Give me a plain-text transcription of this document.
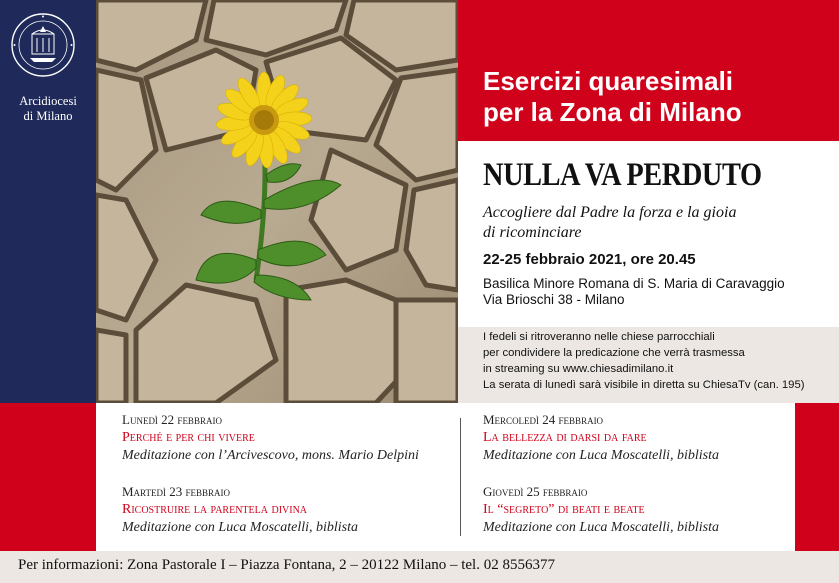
Arcidiocesi
di Milano
Esercizi quaresimali
per la Zona di Milano
NULLA VA PERDUTO
Accogliere dal Padre la forza e la gioia
di ricominciare
22-25 febbraio 2021, ore 20.45
Basilica Minore Romana di S. Maria di Caravaggio
Via Brioschi 38 - Milano
I fedeli si ritroveranno nelle chiese parrocchiali
per condividere la predicazione che verrà trasmessa
in streaming su www.chiesadimilano.it
La serata di lunedì sarà visibile in diretta su ChiesaTv (can. 195)
Lunedì 22 febbraio
Perché e per chi vivere
Meditazione con l’Arcivescovo, mons. Mario Delpini
Martedì 23 febbraio
Ricostruire la parentela divina
Meditazione con Luca Moscatelli, biblista
Mercoledì 24 febbraio
La bellezza di darsi da fare
Meditazione con Luca Moscatelli, biblista
Giovedì 25 febbraio
Il “segreto” di beati e beate
Meditazione con Luca Moscatelli, biblista
Per informazioni: Zona Pastorale I – Piazza Fontana, 2 – 20122 Milano – tel. 02 8556377
